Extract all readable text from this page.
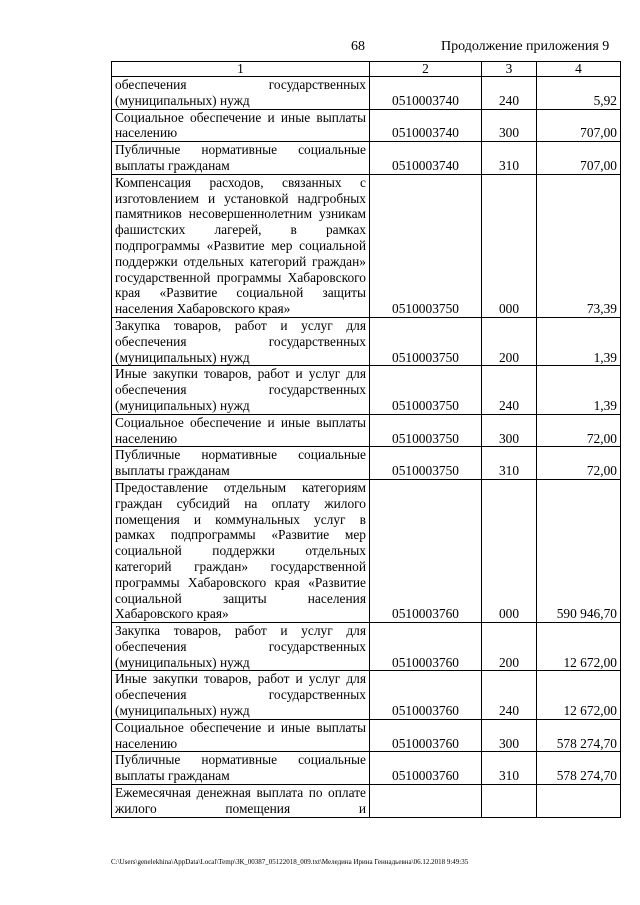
68	Продолжение приложения 9
1	2	3	4

обеспечения государственных (муниципальных) нужд	0510003740	240	5,92

Социальное обеспечение и иные выплаты населению	0510003740	300	707,00

Публичные нормативные социальные выплаты гражданам	0510003740	310	707,00

Компенсация расходов, связанных с изготовлением и установкой надгробных памятников несовершеннолетним узникам фашистских лагерей, в рамках подпрограммы «Развитие мер социальной поддержки отдельных категорий граждан» государственной программы Хабаровского края «Развитие социальной защиты населения Хабаровского края»	0510003750	000	73,39

Закупка товаров, работ и услуг для обеспечения государственных (муниципальных) нужд	0510003750	200	1,39

Иные закупки товаров, работ и услуг для обеспечения государственных (муниципальных) нужд	0510003750	240	1,39

Социальное обеспечение и иные выплаты населению	0510003750	300	72,00

Публичные нормативные социальные выплаты гражданам	0510003750	310	72,00

Предоставление отдельным категориям граждан субсидий на оплату жилого помещения и коммунальных услуг в рамках подпрограммы «Развитие мер социальной поддержки отдельных категорий граждан» государственной программы Хабаровского края «Развитие социальной защиты населения Хабаровского края»	0510003760	000	590 946,70

Закупка товаров, работ и услуг для обеспечения государственных (муниципальных) нужд	0510003760	200	12 672,00

Иные закупки товаров, работ и услуг для обеспечения государственных (муниципальных) нужд	0510003760	240	12 672,00

Социальное обеспечение и иные выплаты населению	0510003760	300	578 274,70

Публичные нормативные социальные выплаты гражданам	0510003760	310	578 274,70

Ежемесячная денежная выплата по оплате жилого помещения и			

C:\Users\genelekhina\AppData\Local\Temp\ЗК_00387_05122018_009.txt\Меледина Ирина Геннадьевна\06.12.2018 9:49:35
